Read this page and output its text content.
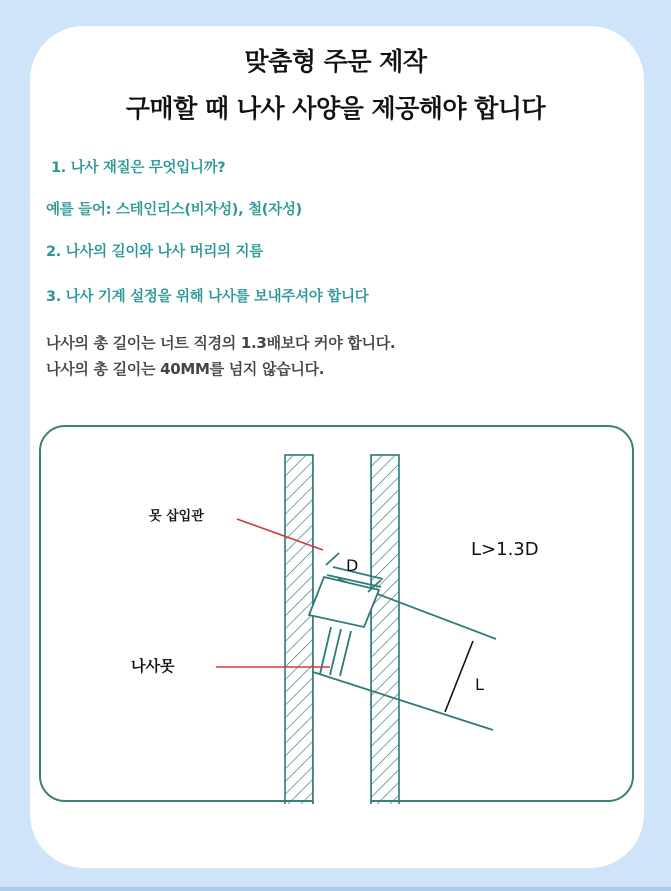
맞춤형 주문 제작
구매할 때 나사 사양을 제공해야 합니다
1. 나사 재질은 무엇입니까?
예를 들어: 스테인리스(비자성), 철(자성)
2. 나사의 길이와 나사 머리의 지름
3. 나사 기계 설정을 위해 나사를 보내주셔야 합니다
나사의 총 길이는 너트 직경의 1.3배보다 커야 합니다.
나사의 총 길이는 40MM를 넘지 않습니다.
못 삽입관
나사못
D
L
L>1.3D
